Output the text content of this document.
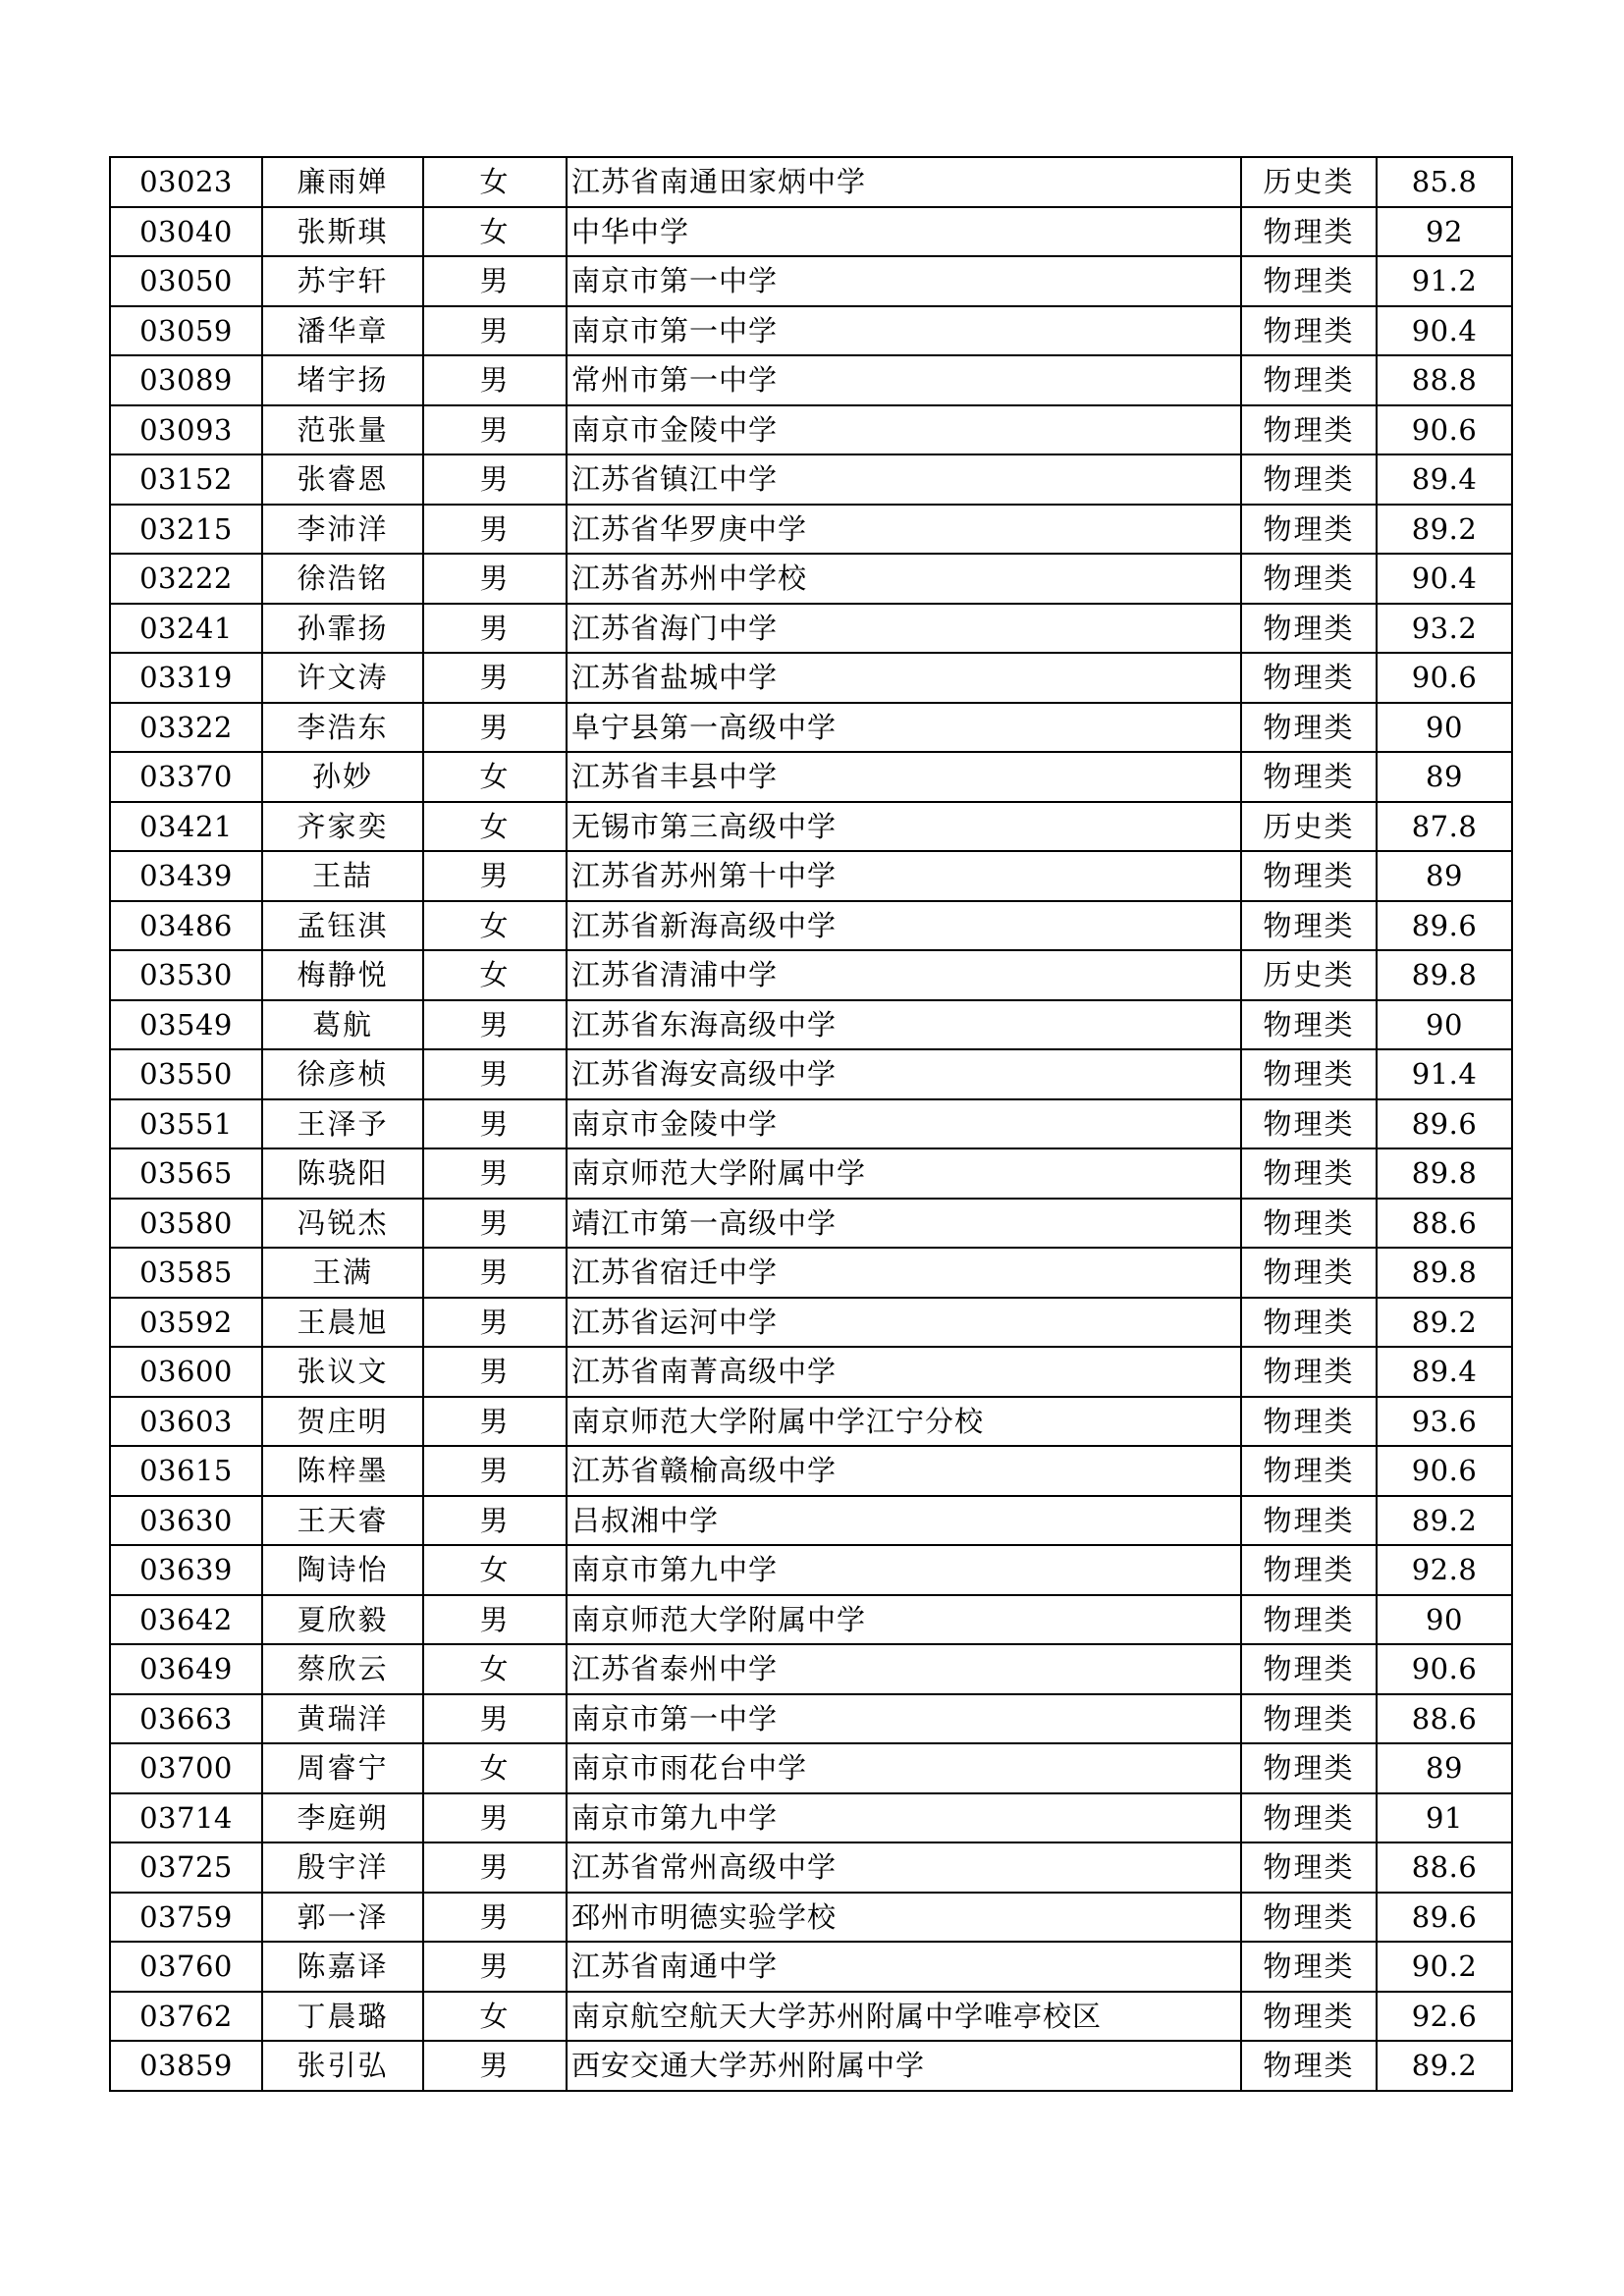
03023	廉雨婵	女	江苏省南通田家炳中学	历史类	85.8
03040	张斯琪	女	中华中学	物理类	92
03050	苏宇轩	男	南京市第一中学	物理类	91.2
03059	潘华章	男	南京市第一中学	物理类	90.4
03089	堵宇扬	男	常州市第一中学	物理类	88.8
03093	范张量	男	南京市金陵中学	物理类	90.6
03152	张睿恩	男	江苏省镇江中学	物理类	89.4
03215	李沛洋	男	江苏省华罗庚中学	物理类	89.2
03222	徐浩铭	男	江苏省苏州中学校	物理类	90.4
03241	孙霏扬	男	江苏省海门中学	物理类	93.2
03319	许文涛	男	江苏省盐城中学	物理类	90.6
03322	李浩东	男	阜宁县第一高级中学	物理类	90
03370	孙妙	女	江苏省丰县中学	物理类	89
03421	齐家奕	女	无锡市第三高级中学	历史类	87.8
03439	王喆	男	江苏省苏州第十中学	物理类	89
03486	孟钰淇	女	江苏省新海高级中学	物理类	89.6
03530	梅静悦	女	江苏省清浦中学	历史类	89.8
03549	葛航	男	江苏省东海高级中学	物理类	90
03550	徐彦桢	男	江苏省海安高级中学	物理类	91.4
03551	王泽予	男	南京市金陵中学	物理类	89.6
03565	陈骁阳	男	南京师范大学附属中学	物理类	89.8
03580	冯锐杰	男	靖江市第一高级中学	物理类	88.6
03585	王满	男	江苏省宿迁中学	物理类	89.8
03592	王晨旭	男	江苏省运河中学	物理类	89.2
03600	张议文	男	江苏省南菁高级中学	物理类	89.4
03603	贺庄明	男	南京师范大学附属中学江宁分校	物理类	93.6
03615	陈梓墨	男	江苏省赣榆高级中学	物理类	90.6
03630	王天睿	男	吕叔湘中学	物理类	89.2
03639	陶诗怡	女	南京市第九中学	物理类	92.8
03642	夏欣毅	男	南京师范大学附属中学	物理类	90
03649	蔡欣云	女	江苏省泰州中学	物理类	90.6
03663	黄瑞洋	男	南京市第一中学	物理类	88.6
03700	周睿宁	女	南京市雨花台中学	物理类	89
03714	李庭朔	男	南京市第九中学	物理类	91
03725	殷宇洋	男	江苏省常州高级中学	物理类	88.6
03759	郭一泽	男	邳州市明德实验学校	物理类	89.6
03760	陈嘉译	男	江苏省南通中学	物理类	90.2
03762	丁晨璐	女	南京航空航天大学苏州附属中学唯亭校区	物理类	92.6
03859	张引弘	男	西安交通大学苏州附属中学	物理类	89.2
